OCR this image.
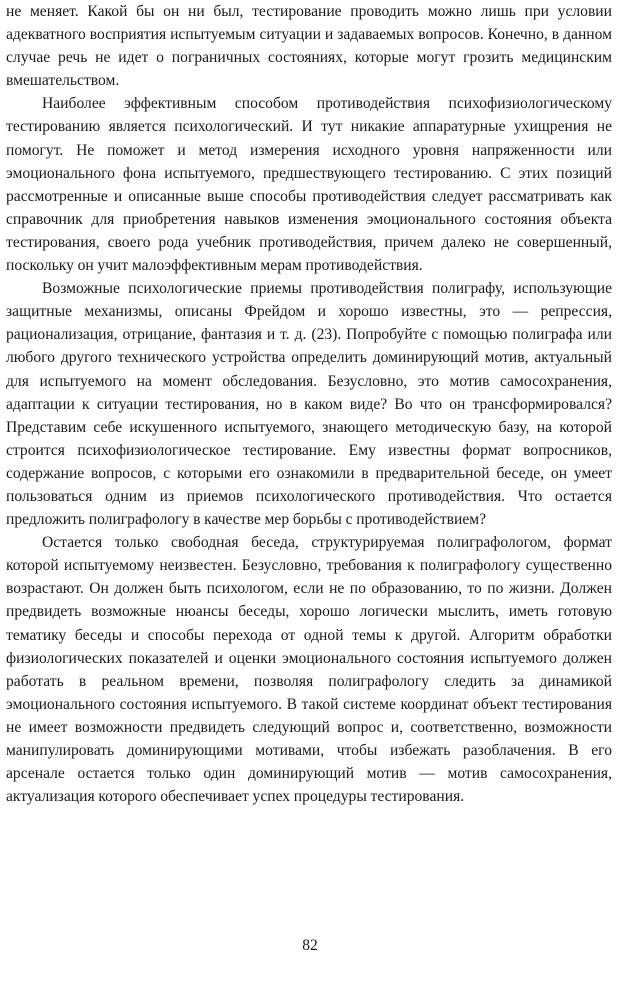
не меняет. Какой бы он ни был, тестирование проводить можно лишь при условии адекватного восприятия испытуемым ситуации и задаваемых вопросов. Конечно, в данном случае речь не идет о пограничных состояниях, которые могут грозить медицинским вмешательством.

Наиболее эффективным способом противодействия психофизиологическому тестированию является психологический. И тут никакие аппаратурные ухищрения не помогут. Не поможет и метод измерения исходного уровня напряженности или эмоционального фона испытуемого, предшествующего тестированию. С этих позиций рассмотренные и описанные выше способы противодействия следует рассматривать как справочник для приобретения навыков изменения эмоционального состояния объекта тестирования, своего рода учебник противодействия, причем далеко не совершенный, поскольку он учит малоэффективным мерам противодействия.

Возможные психологические приемы противодействия полиграфу, использующие защитные механизмы, описаны Фрейдом и хорошо известны, это — репрессия, рационализация, отрицание, фантазия и т. д. (23). Попробуйте с помощью полиграфа или любого другого технического устройства определить доминирующий мотив, актуальный для испытуемого на момент обследования. Безусловно, это мотив самосохранения, адаптации к ситуации тестирования, но в каком виде? Во что он трансформировался? Представим себе искушенного испытуемого, знающего методическую базу, на которой строится психофизиологическое тестирование. Ему известны формат вопросников, содержание вопросов, с которыми его ознакомили в предварительной беседе, он умеет пользоваться одним из приемов психологического противодействия. Что остается предложить полиграфологу в качестве мер борьбы с противодействием?

Остается только свободная беседа, структурируемая полиграфологом, формат которой испытуемому неизвестен. Безусловно, требования к полиграфологу существенно возрастают. Он должен быть психологом, если не по образованию, то по жизни. Должен предвидеть возможные нюансы беседы, хорошо логически мыслить, иметь готовую тематику беседы и способы перехода от одной темы к другой. Алгоритм обработки физиологических показателей и оценки эмоционального состояния испытуемого должен работать в реальном времени, позволяя полиграфологу следить за динамикой эмоционального состояния испытуемого. В такой системе координат объект тестирования не имеет возможности предвидеть следующий вопрос и, соответственно, возможности манипулировать доминирующими мотивами, чтобы избежать разоблачения. В его арсенале остается только один доминирующий мотив — мотив самосохранения, актуализация которого обеспечивает успех процедуры тестирования.

82
